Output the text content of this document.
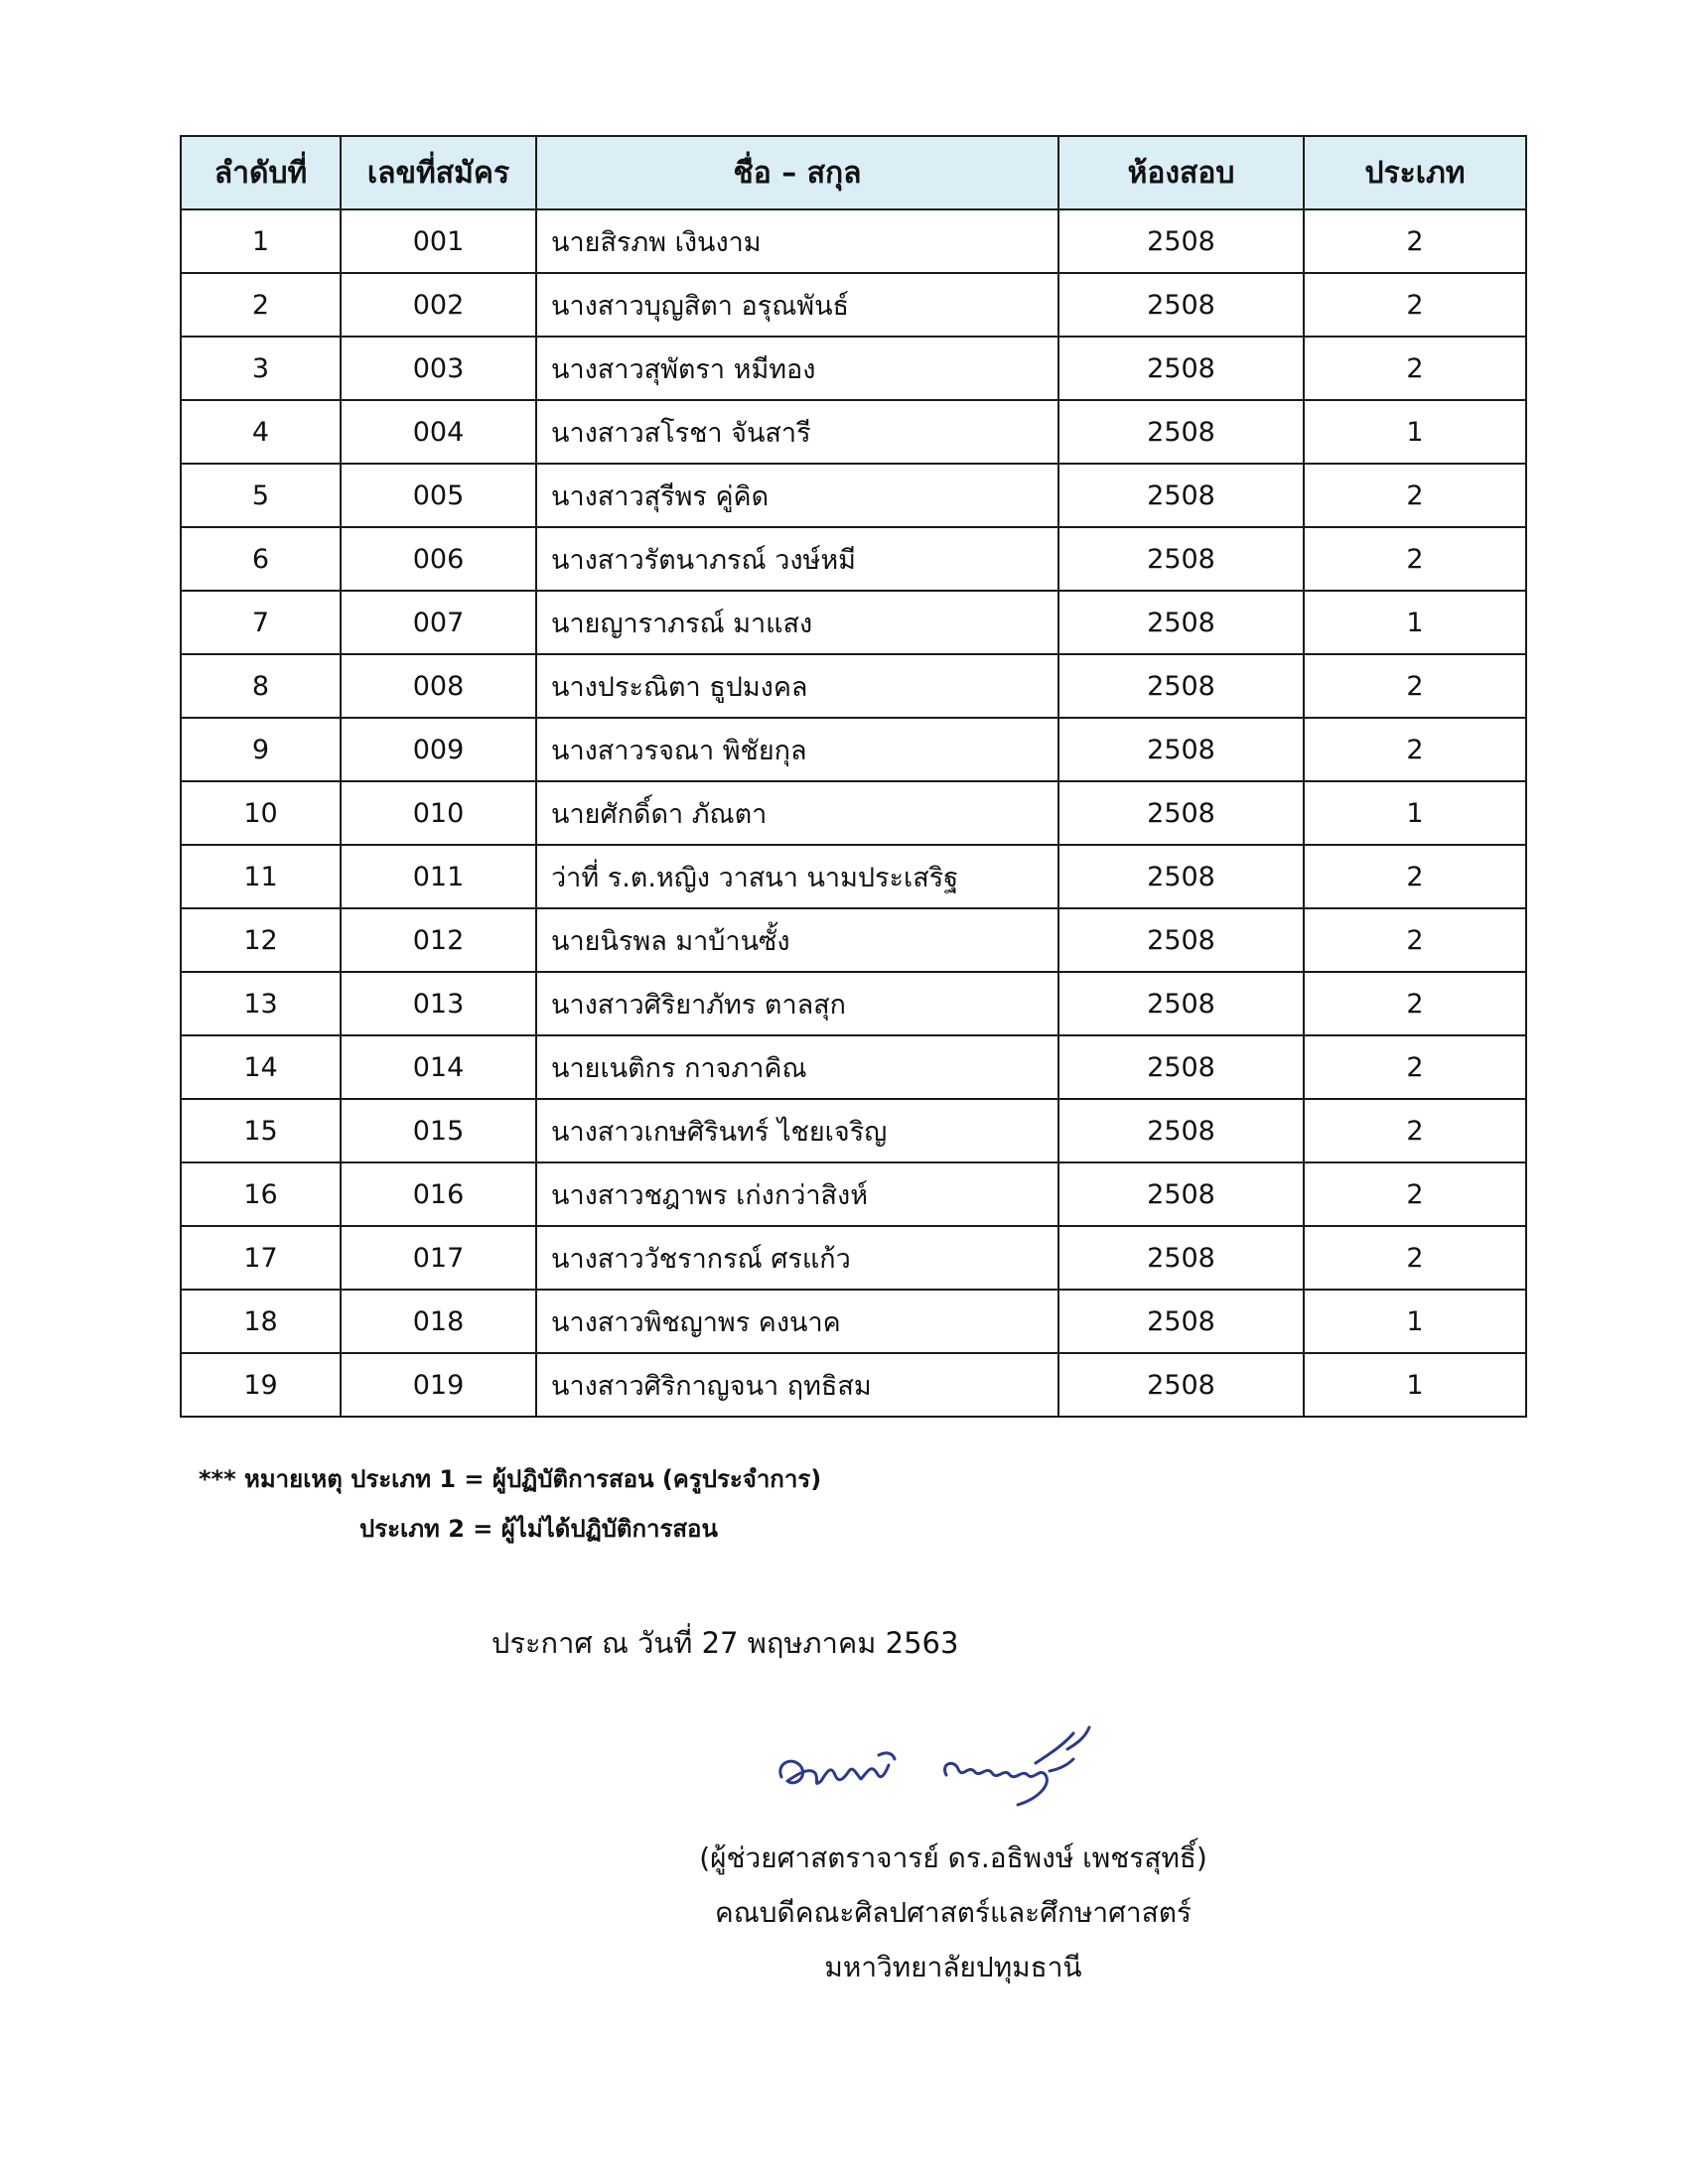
ลำดับที่	เลขที่สมัคร	ชื่อ – สกุล	ห้องสอบ	ประเภท
1	001	นายสิรภพ เงินงาม	2508	2
2	002	นางสาวบุญสิตา อรุณพันธ์	2508	2
3	003	นางสาวสุพัตรา หมีทอง	2508	2
4	004	นางสาวสโรชา จันสารี	2508	1
5	005	นางสาวสุรีพร คู่คิด	2508	2
6	006	นางสาวรัตนาภรณ์ วงษ์หมี	2508	2
7	007	นายญาราภรณ์ มาแสง	2508	1
8	008	นางประณิตา ธูปมงคล	2508	2
9	009	นางสาวรจณา พิชัยกุล	2508	2
10	010	นายศักดิ์ดา ภัณตา	2508	1
11	011	ว่าที่ ร.ต.หญิง วาสนา นามประเสริฐ	2508	2
12	012	นายนิรพล มาบ้านซั้ง	2508	2
13	013	นางสาวศิริยาภัทร ตาลสุก	2508	2
14	014	นายเนติกร กาจภาคิณ	2508	2
15	015	นางสาวเกษศิรินทร์ ไชยเจริญ	2508	2
16	016	นางสาวชฎาพร เก่งกว่าสิงห์	2508	2
17	017	นางสาววัชรากรณ์ ศรแก้ว	2508	2
18	018	นางสาวพิชญาพร คงนาค	2508	1
19	019	นางสาวศิริกาญจนา ฤทธิสม	2508	1
*** หมายเหตุ ประเภท 1 = ผู้ปฏิบัติการสอน (ครูประจำการ)
ประเภท 2 = ผู้ไม่ได้ปฏิบัติการสอน
ประกาศ ณ วันที่ 27 พฤษภาคม 2563
(ผู้ช่วยศาสตราจารย์ ดร.อธิพงษ์ เพชรสุทธิ์)
คณบดีคณะศิลปศาสตร์และศึกษาศาสตร์
มหาวิทยาลัยปทุมธานี
